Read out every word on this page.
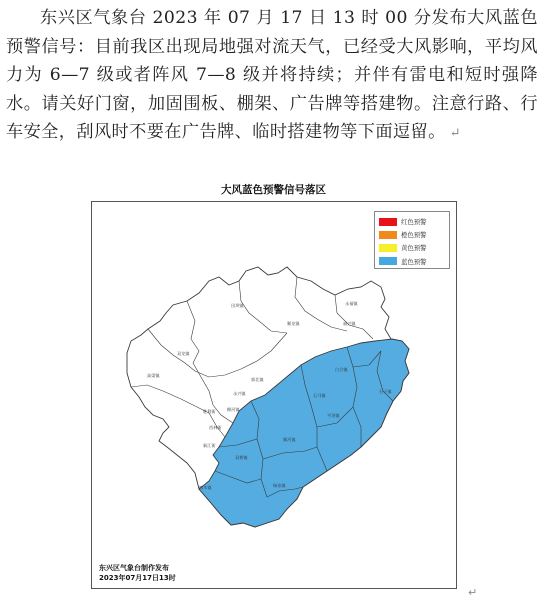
东兴区气象台 2023 年 07 月 17 日 13 时 00 分发布大风蓝色预警信号：目前我区出现局地强对流天气，已经受大风影响，平均风力为 6—7 级或者阵风 7—8 级并将持续；并伴有雷电和短时强降水。请关好门窗，加固围板、棚架、广告牌等搭建物。注意行路、行车安全，刮风时不要在广告牌、临时搭建物等下面逗留。 ↵

大风蓝色预警信号落区
田坝镇	永福镇
顺龙镇	福兴镇
双龙镇
高梁镇
郭北镇
胜利街
西林街
白合镇
石子镇
平坦镇
顺河镇
双桥镇
椑木镇	杨家镇
永兴镇	石马镇
柳河镇
新江街
红色预警
橙色预警
黄色预警
蓝色预警
东兴区气象台制作发布
2023年07月17日13时
↵
